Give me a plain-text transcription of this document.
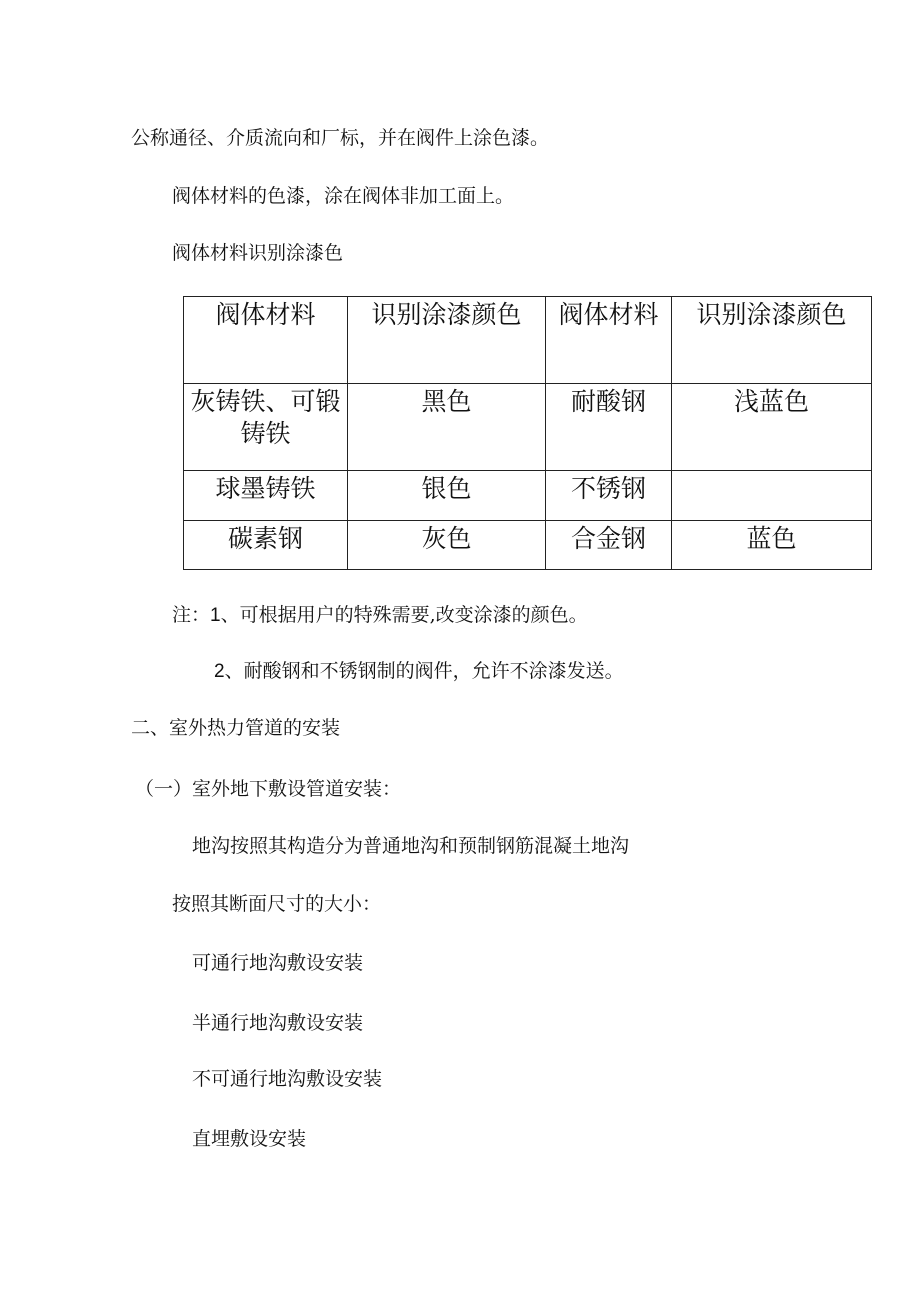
公称通径、介质流向和厂标，并在阀件上涂色漆。
阀体材料的色漆，涂在阀体非加工面上。
阀体材料识别涂漆色
阀体材料	识别涂漆颜色	阀体材料	识别涂漆颜色
灰铸铁、可锻铸铁	黑色	耐酸钢	浅蓝色
球墨铸铁	银色	不锈钢	
碳素钢	灰色	合金钢	蓝色
注：1、可根据用户的特殊需要,改变涂漆的颜色。
2、耐酸钢和不锈钢制的阀件，允许不涂漆发送。
二、室外热力管道的安装
（一）室外地下敷设管道安装：
地沟按照其构造分为普通地沟和预制钢筋混凝土地沟
按照其断面尺寸的大小：
可通行地沟敷设安装
半通行地沟敷设安装
不可通行地沟敷设安装
直埋敷设安装
